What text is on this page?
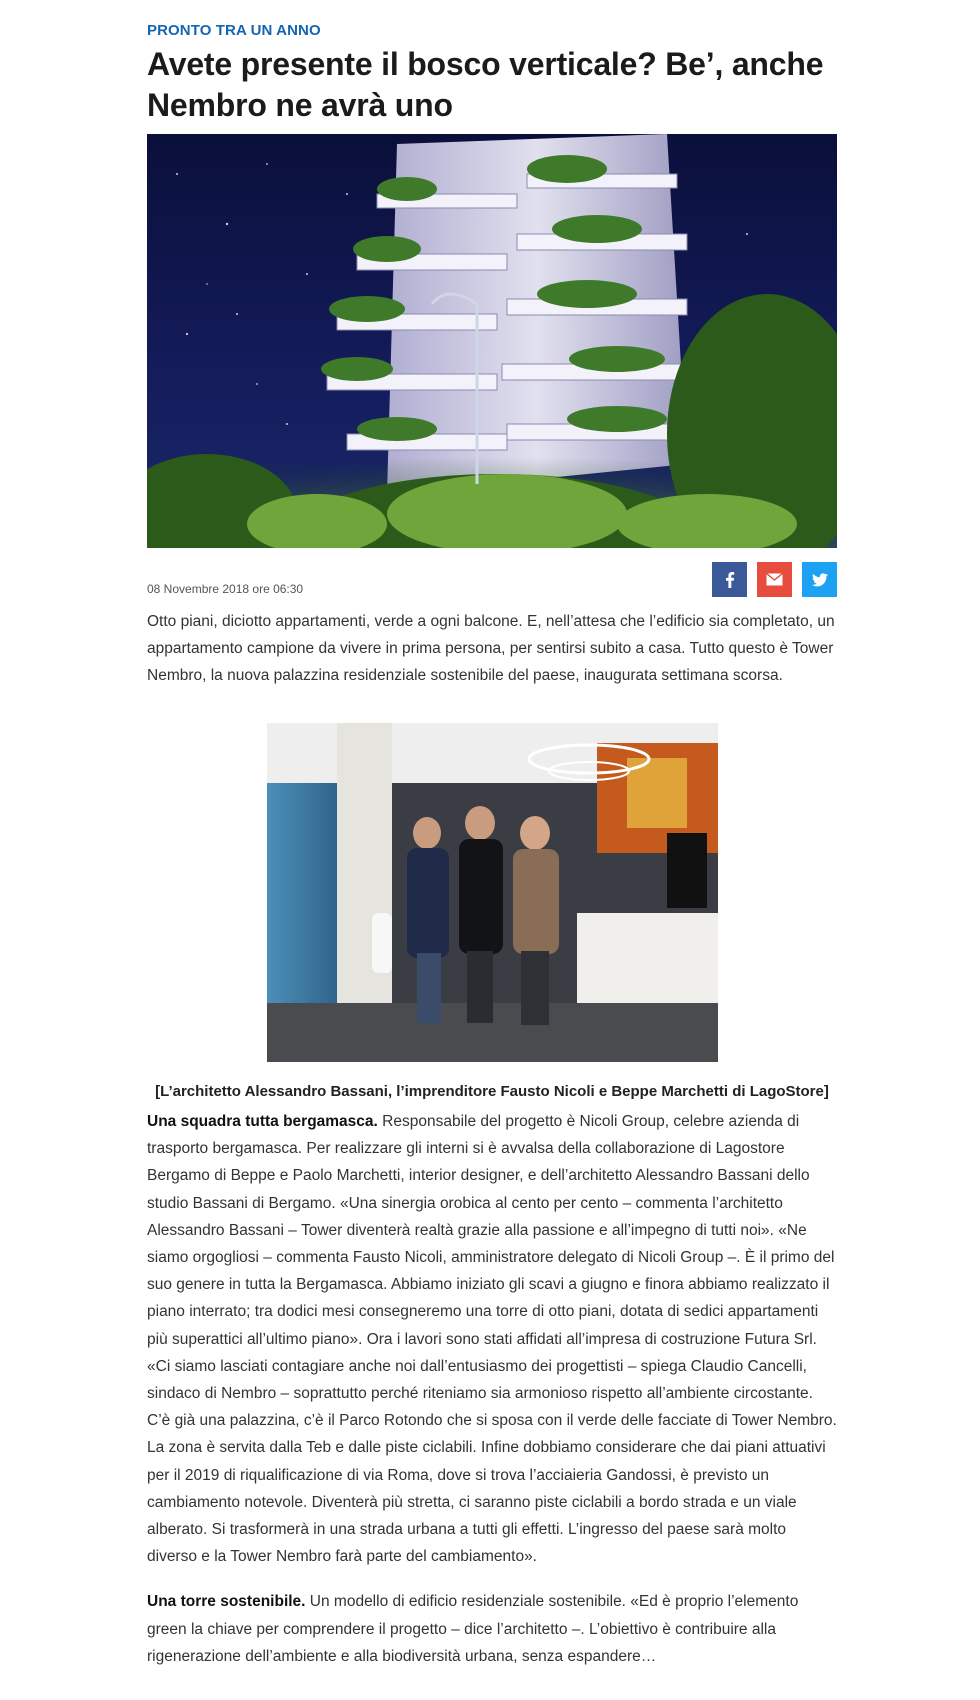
PRONTO TRA UN ANNO
Avete presente il bosco verticale? Be’, anche Nembro ne avrà uno
08 Novembre 2018 ore 06:30

Otto piani, diciotto appartamenti, verde a ogni balcone. E, nell’attesa che l’edificio sia completato, un appartamento campione da vivere in prima persona, per sentirsi subito a casa. Tutto questo è Tower Nembro, la nuova palazzina residenziale sostenibile del paese, inaugurata settimana scorsa.

[L’architetto Alessandro Bassani, l’imprenditore Fausto Nicoli e Beppe Marchetti di LagoStore]

Una squadra tutta bergamasca. Responsabile del progetto è Nicoli Group, celebre azienda di trasporto bergamasca. Per realizzare gli interni si è avvalsa della collaborazione di Lagostore Bergamo di Beppe e Paolo Marchetti, interior designer, e dell’architetto Alessandro Bassani dello studio Bassani di Bergamo. «Una sinergia orobica al cento per cento – commenta l’architetto Alessandro Bassani – Tower diventerà realtà grazie alla passione e all’impegno di tutti noi». «Ne siamo orgogliosi – commenta Fausto Nicoli, amministratore delegato di Nicoli Group –. È il primo del suo genere in tutta la Bergamasca. Abbiamo iniziato gli scavi a giugno e finora abbiamo realizzato il piano interrato; tra dodici mesi consegneremo una torre di otto piani, dotata di sedici appartamenti più superattici all’ultimo piano». Ora i lavori sono stati affidati all’impresa di costruzione Futura Srl. «Ci siamo lasciati contagiare anche noi dall’entusiasmo dei progettisti – spiega Claudio Cancelli, sindaco di Nembro – soprattutto perché riteniamo sia armonioso rispetto all’ambiente circostante. C’è già una palazzina, c’è il Parco Rotondo che si sposa con il verde delle facciate di Tower Nembro. La zona è servita dalla Teb e dalle piste ciclabili. Infine dobbiamo considerare che dai piani attuativi per il 2019 di riqualificazione di via Roma, dove si trova l’acciaieria Gandossi, è previsto un cambiamento notevole. Diventerà più stretta, ci saranno piste ciclabili a bordo strada e un viale alberato. Si trasformerà in una strada urbana a tutti gli effetti. L’ingresso del paese sarà molto diverso e la Tower Nembro farà parte del cambiamento».

Una torre sostenibile. Un modello di edificio residenziale sostenibile. «Ed è proprio l’elemento green la chiave per comprendere il progetto – dice l’architetto –. L’obiettivo è contribuire alla rigenerazione dell’ambiente e alla biodiversità urbana, senza espandere…
